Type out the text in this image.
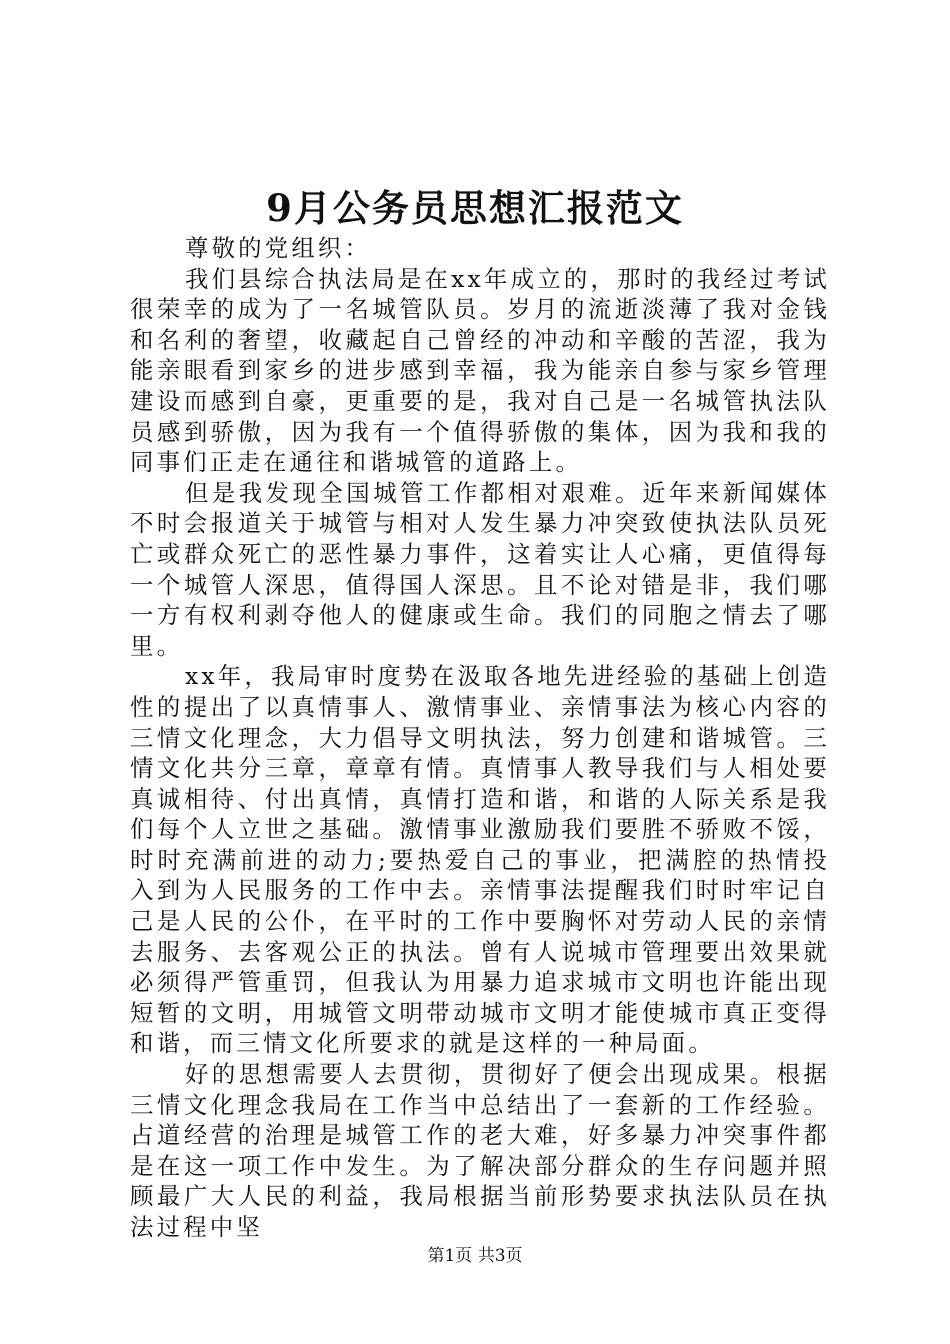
9月公务员思想汇报范文

尊敬的党组织：

我们县综合执法局是在xx年成立的，那时的我经过考试很荣幸的成为了一名城管队员。岁月的流逝淡薄了我对金钱和名利的奢望，收藏起自己曾经的冲动和辛酸的苦涩，我为能亲眼看到家乡的进步感到幸福，我为能亲自参与家乡管理建设而感到自豪，更重要的是，我对自己是一名城管执法队员感到骄傲，因为我有一个值得骄傲的集体，因为我和我的同事们正走在通往和谐城管的道路上。

但是我发现全国城管工作都相对艰难。近年来新闻媒体不时会报道关于城管与相对人发生暴力冲突致使执法队员死亡或群众死亡的恶性暴力事件，这着实让人心痛，更值得每一个城管人深思，值得国人深思。且不论对错是非，我们哪一方有权利剥夺他人的健康或生命。我们的同胞之情去了哪里。

xx年，我局审时度势在汲取各地先进经验的基础上创造性的提出了以真情事人、激情事业、亲情事法为核心内容的三情文化理念，大力倡导文明执法，努力创建和谐城管。三情文化共分三章，章章有情。真情事人教导我们与人相处要真诚相待、付出真情，真情打造和谐，和谐的人际关系是我们每个人立世之基础。激情事业激励我们要胜不骄败不馁，时时充满前进的动力;要热爱自己的事业，把满腔的热情投入到为人民服务的工作中去。亲情事法提醒我们时时牢记自己是人民的公仆，在平时的工作中要胸怀对劳动人民的亲情去服务、去客观公正的执法。曾有人说城市管理要出效果就必须得严管重罚，但我认为用暴力追求城市文明也许能出现短暂的文明，用城管文明带动城市文明才能使城市真正变得和谐，而三情文化所要求的就是这样的一种局面。

好的思想需要人去贯彻，贯彻好了便会出现成果。根据三情文化理念我局在工作当中总结出了一套新的工作经验。占道经营的治理是城管工作的老大难，好多暴力冲突事件都是在这一项工作中发生。为了解决部分群众的生存问题并照顾最广大人民的利益，我局根据当前形势要求执法队员在执法过程中坚

第1页 共3页
